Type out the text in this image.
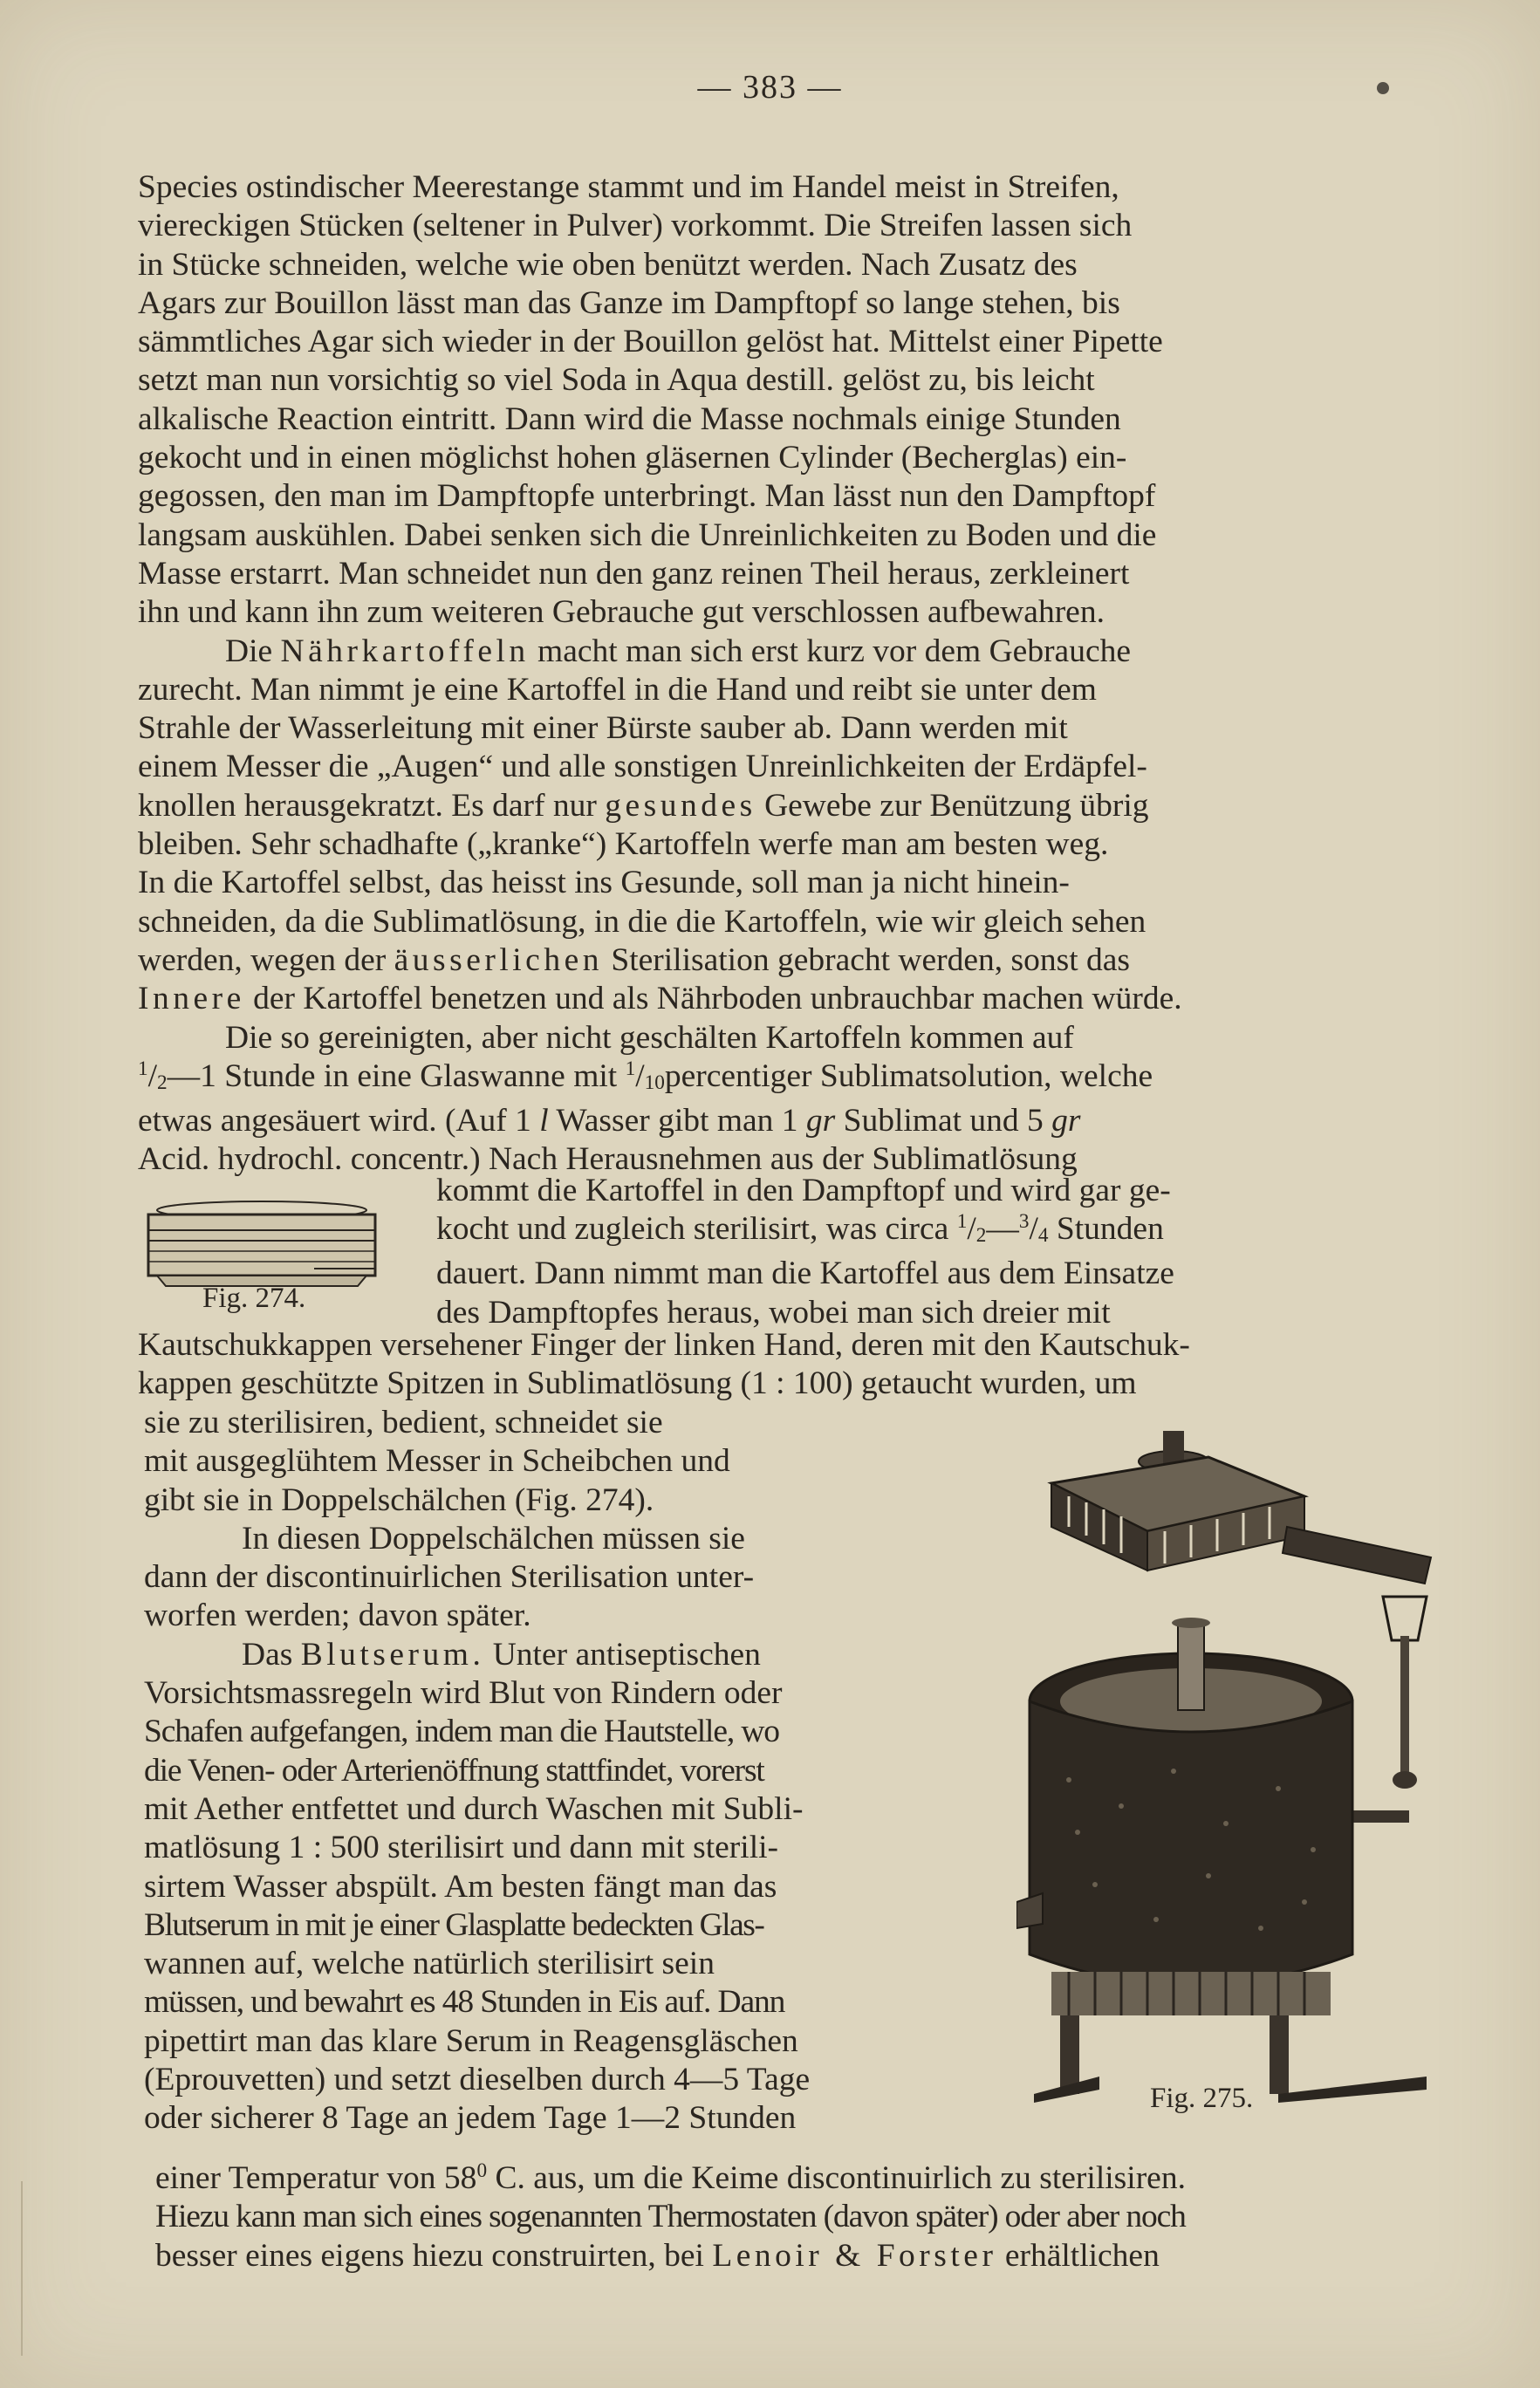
— 383 —

Species ostindischer Meerestange stammt und im Handel meist in Streifen,
viereckigen Stücken (seltener in Pulver) vorkommt. Die Streifen lassen sich
in Stücke schneiden, welche wie oben benützt werden. Nach Zusatz des
Agars zur Bouillon lässt man das Ganze im Dampftopf so lange stehen, bis
sämmtliches Agar sich wieder in der Bouillon gelöst hat. Mittelst einer Pipette
setzt man nun vorsichtig so viel Soda in Aqua destill. gelöst zu, bis leicht
alkalische Reaction eintritt. Dann wird die Masse nochmals einige Stunden
gekocht und in einen möglichst hohen gläsernen Cylinder (Becherglas) ein-
gegossen, den man im Dampftopfe unterbringt. Man lässt nun den Dampftopf
langsam auskühlen. Dabei senken sich die Unreinlichkeiten zu Boden und die
Masse erstarrt. Man schneidet nun den ganz reinen Theil heraus, zerkleinert
ihn und kann ihn zum weiteren Gebrauche gut verschlossen aufbewahren.

Die Nährkartoffeln macht man sich erst kurz vor dem Gebrauche
zurecht. Man nimmt je eine Kartoffel in die Hand und reibt sie unter dem
Strahle der Wasserleitung mit einer Bürste sauber ab. Dann werden mit
einem Messer die „Augen“ und alle sonstigen Unreinlichkeiten der Erdäpfel-
knollen herausgekratzt. Es darf nur gesundes Gewebe zur Benützung übrig
bleiben. Sehr schadhafte („kranke“) Kartoffeln werfe man am besten weg.
In die Kartoffel selbst, das heisst ins Gesunde, soll man ja nicht hinein-
schneiden, da die Sublimatlösung, in die die Kartoffeln, wie wir gleich sehen
werden, wegen der äusserlichen Sterilisation gebracht werden, sonst das
Innere der Kartoffel benetzen und als Nährboden unbrauchbar machen würde.

Die so gereinigten, aber nicht geschälten Kartoffeln kommen auf
$^1$/2—1 Stunde in eine Glaswanne mit $^1$/10percentiger Sublimatsolution, welche
etwas angesäuert wird. (Auf 1 l Wasser gibt man 1 gr Sublimat und 5 gr
Acid. hydrochl. concentr.) Nach Herausnehmen aus der Sublimatlösung

Fig. 274.
kommt die Kartoffel in den Dampftopf und wird gar ge-
kocht und zugleich sterilisirt, was circa $^1$/2—$^3$/4 Stunden
dauert. Dann nimmt man die Kartoffel aus dem Einsatze
des Dampftopfes heraus, wobei man sich dreier mit
Kautschukkappen versehener Finger der linken Hand, deren mit den Kautschuk-
kappen geschützte Spitzen in Sublimatlösung (1 : 100) getaucht wurden, um
sie zu sterilisiren, bedient, schneidet sie
mit ausgeglühtem Messer in Scheibchen und
gibt sie in Doppelschälchen (Fig. 274).
In diesen Doppelschälchen müssen sie
dann der discontinuirlichen Sterilisation unter-
worfen werden; davon später.
Das Blutserum. Unter antiseptischen
Vorsichtsmassregeln wird Blut von Rindern oder
Schafen aufgefangen, indem man die Hautstelle, wo
die Venen- oder Arterienöffnung stattfindet, vorerst
mit Aether entfettet und durch Waschen mit Subli-
matlösung 1 : 500 sterilisirt und dann mit sterili-
sirtem Wasser abspült. Am besten fängt man das
Blutserum in mit je einer Glasplatte bedeckten Glas-
wannen auf, welche natürlich sterilisirt sein
müssen, und bewahrt es 48 Stunden in Eis auf. Dann
pipettirt man das klare Serum in Reagensgläschen
(Eprouvetten) und setzt dieselben durch 4—5 Tage
oder sicherer 8 Tage an jedem Tage 1—2 Stunden
Fig. 275.
einer Temperatur von $58^0$ C. aus, um die Keime discontinuirlich zu sterilisiren.
Hiezu kann man sich eines sogenannten Thermostaten (davon später) oder aber noch
besser eines eigens hiezu construirten, bei Lenoir & Forster erhältlichen
